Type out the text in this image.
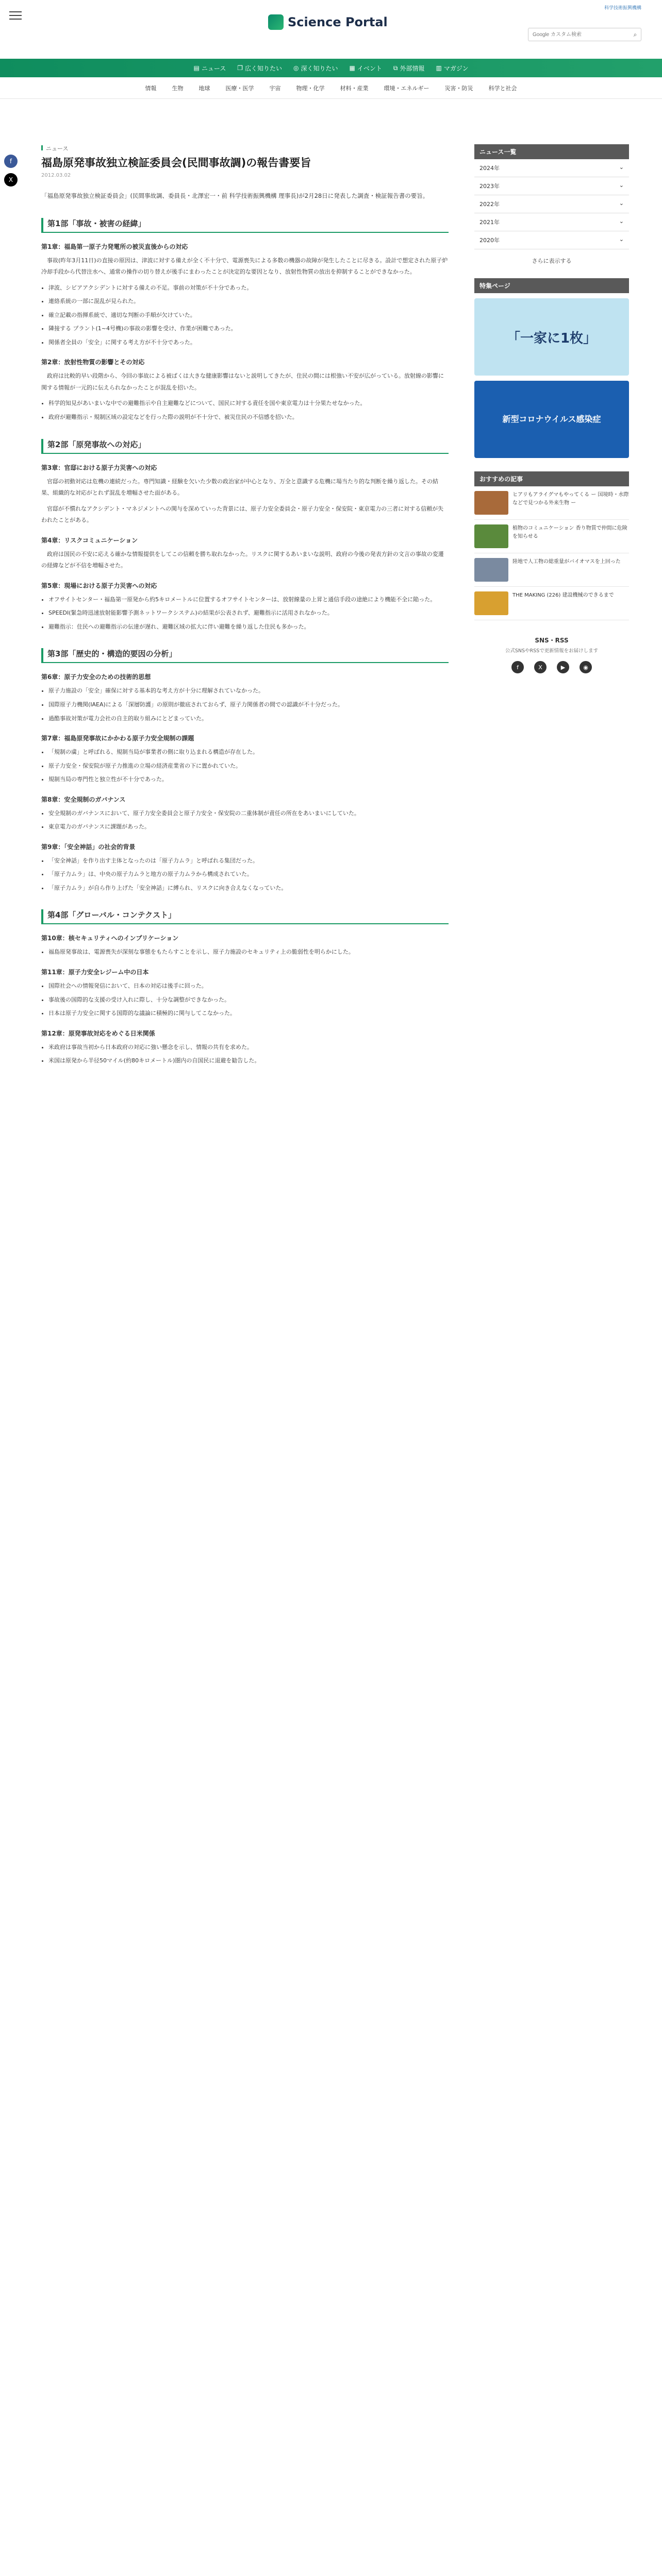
Science Portal
科学技術振興機構
Google カスタム検索
⌕
▤ ニュース ❐ 広く知りたい ◎ 深く知りたい ▦ イベント ⧉ 外部情報 ▥ マガジン
情報	生物	地球	医療・医学	宇宙	物理・化学	材料・産業	環境・エネルギー	災害・防災	科学と社会
f
X
ニュース
福島原発事故独立検証委員会(民間事故調)の報告書要旨
2012.03.02

「福島原発事故独立検証委員会」(民間事故調、委員長・北澤宏一・前 科学技術振興機構 理事長)が2月28日に発表した調査・検証報告書の要旨。

第1部「事故・被害の経緯」
第1章：福島第一原子力発電所の被災直後からの対応

事故(昨年3月11日)の直接の原因は、津波に対する備えが全く不十分で、電源喪失による多数の機器の故障が発生したことに尽きる。設計で想定された原子炉冷却手段から代替注水へ、通常の操作の切り替えが後手にまわったことが決定的な要因となり、放射性物質の放出を抑制することができなかった。

• 津波、シビアアクシデントに対する備えの不足。事前の対策が不十分であった。
• 連絡系統の一部に混乱が見られた。
• 確立記載の指揮系統で、適切な判断の手順が欠けていた。
• 隣接する プラント(1~4号機)の事故の影響を受け、作業が困難であった。
• 関係者全員の「安全」に関する考え方が不十分であった。
第2章：放射性物質の影響とその対応

政府は比較的早い段階から、今回の事故による被ばくは大きな健康影響はないと説明してきたが、住民の間には根強い不安が広がっている。放射線の影響に関する情報が一元的に伝えられなかったことが混乱を招いた。

• 科学的知見があいまいな中での避難指示や自主避難などについて、国民に対する責任を国や東京電力は十分果たせなかった。
• 政府が避難指示・規制区域の設定などを行った際の説明が不十分で、被災住民の不信感を招いた。
第2部「原発事故への対応」
第3章：官邸における原子力災害への対応

官邸の初動対応は危機の連続だった。専門知識・経験を欠いた少数の政治家が中心となり、万全と意識する危機に場当たり的な判断を繰り返した。その結果、組織的な対応がとれず混乱を増幅させた面がある。

官邸が不慣れなアクシデント・マネジメントへの関与を深めていった背景には、原子力安全委員会・原子力安全・保安院・東京電力の三者に対する信頼が失われたことがある。

第4章：リスクコミュニケーション

政府は国民の不安に応える確かな情報提供をしてこの信頼を勝ち取れなかった。リスクに関するあいまいな説明、政府の今後の発表方針の文言の事故の変遷の経緯などが不信を増幅させた。

第5章：現場における原子力災害への対応
• オフサイトセンター・福島第一原発から約5キロメートルに位置するオフサイトセンターは、放射線量の上昇と通信手段の途絶により機能不全に陥った。
• SPEEDI(緊急時迅速放射能影響予測ネットワークシステム)の結果が公表されず、避難指示に活用されなかった。
• 避難指示：住民への避難指示の伝達が遅れ、避難区域の拡大に伴い避難を繰り返した住民も多かった。
第3部「歴史的・構造的要因の分析」
第6章：原子力安全のための技術的思想
• 原子力施設の「安全」確保に対する基本的な考え方が十分に理解されていなかった。
• 国際原子力機関(IAEA)による「深層防護」の原則が徹底されておらず、原子力関係者の間での認識が不十分だった。
• 過酷事故対策が電力会社の自主的取り組みにとどまっていた。
第7章：福島原発事故にかかわる原子力安全規制の課題
• 「規制の虜」と呼ばれる、規制当局が事業者の側に取り込まれる構造が存在した。
• 原子力安全・保安院が原子力推進の立場の経済産業省の下に置かれていた。
• 規制当局の専門性と独立性が不十分であった。
第8章：安全規制のガバナンス
• 安全規制のガバナンスにおいて、原子力安全委員会と原子力安全・保安院の二重体制が責任の所在をあいまいにしていた。
• 東京電力のガバナンスに課題があった。
第9章：「安全神話」の社会的背景
• 「安全神話」を作り出す主体となったのは「原子力ムラ」と呼ばれる集団だった。
• 「原子力ムラ」は、中央の原子力ムラと地方の原子力ムラから構成されていた。
• 「原子力ムラ」が自ら作り上げた「安全神話」に縛られ、リスクに向き合えなくなっていた。
第4部「グローバル・コンテクスト」
第10章：核セキュリティへのインプリケーション
• 福島原発事故は、電源喪失が深刻な事態をもたらすことを示し、原子力施設のセキュリティ上の脆弱性を明らかにした。
第11章：原子力安全レジーム中の日本
• 国際社会への情報発信において、日本の対応は後手に回った。
• 事故後の国際的な支援の受け入れに際し、十分な調整ができなかった。
• 日本は原子力安全に関する国際的な議論に積極的に関与してこなかった。
第12章：原発事故対応をめぐる日米関係
• 米政府は事故当初から日本政府の対応に強い懸念を示し、情報の共有を求めた。
• 米国は原発から半径50マイル(約80キロメートル)圏内の自国民に退避を勧告した。
ニュース一覧
2024年	⌄
2023年	⌄
2022年	⌄
2021年	⌄
2020年	⌄
さらに表示する
特集ページ
「一家に1枚」
新型コロナウイルス感染症
おすすめの記事
ヒアリもアライグマもやってくる ー 国境時・水際などで見つかる外来生物 ー
植物のコミュニケーション 香り物質で仲間に危険を知らせる
陸地で人工物の総重量がバイオマスを上回った
THE MAKING (226) 建設機械のできるまで
SNS・RSS
公式SNSやRSSで更新情報をお届けします
f	X	▶	◉
